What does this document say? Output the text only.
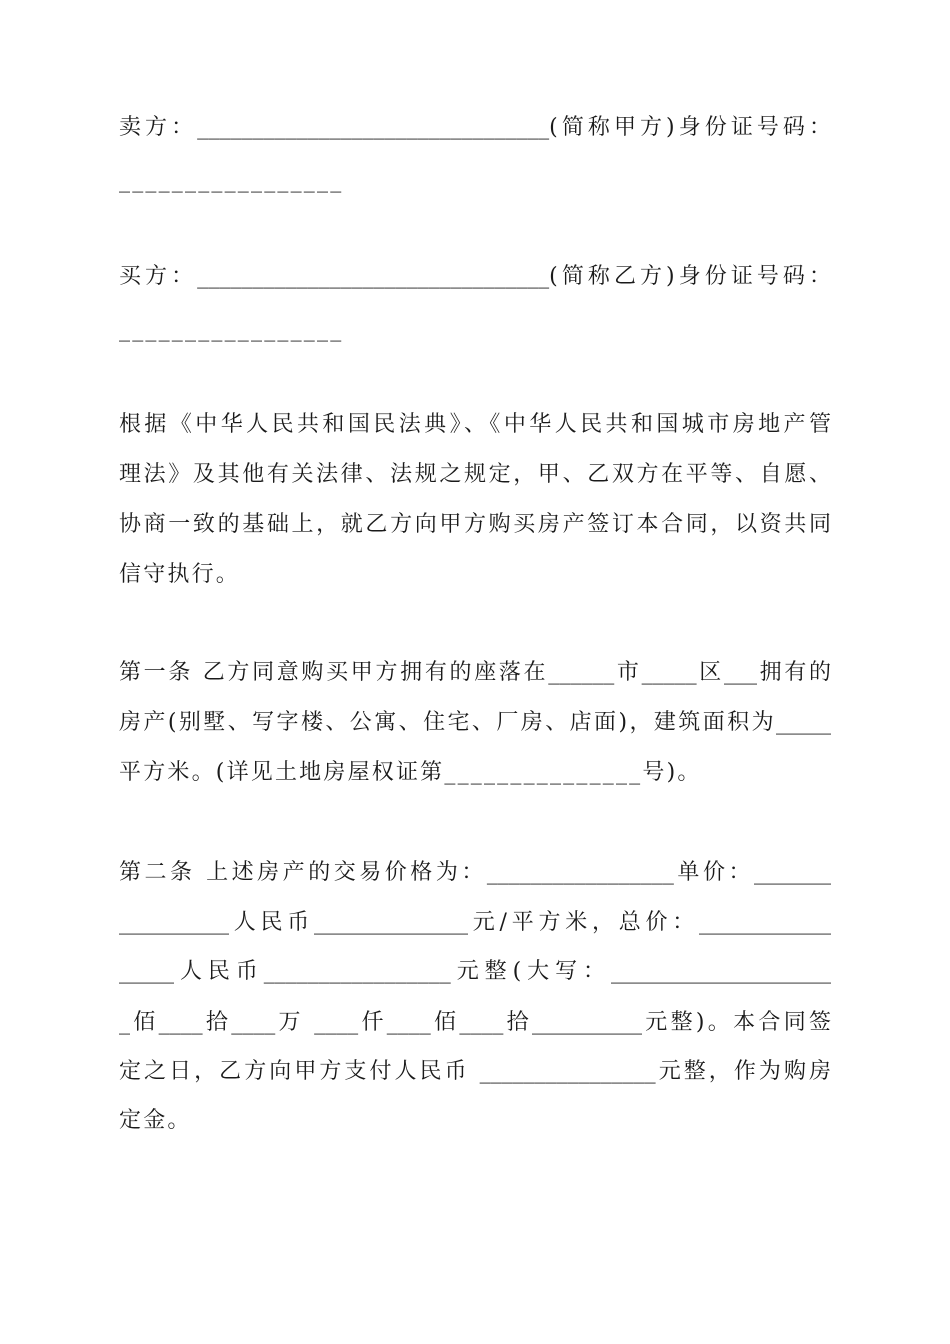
卖方：________________________________(简称甲方)身份证号码：
_________________
买方：________________________________(简称乙方)身份证号码：
_________________
根据《中华人民共和国民法典》、《中华人民共和国城市房地产管
理法》及其他有关法律、法规之规定，甲、乙双方在平等、自愿、
协商一致的基础上，就乙方向甲方购买房产签订本合同，以资共同
信守执行。
第一条 乙方同意购买甲方拥有的座落在______市_____区___拥有的
房产(别墅、写字楼、公寓、住宅、厂房、店面)，建筑面积为_____
平方米。(详见土地房屋权证第_______________号)。
第二条 上述房产的交易价格为：_________________单价：_______
__________人民币______________元/平方米，总价：____________
_____人民币_________________元整(大写：____________________
_佰____拾____万 ____仟____佰____拾__________元整)。本合同签
定之日，乙方向甲方支付人民币 ________________元整，作为购房
定金。
